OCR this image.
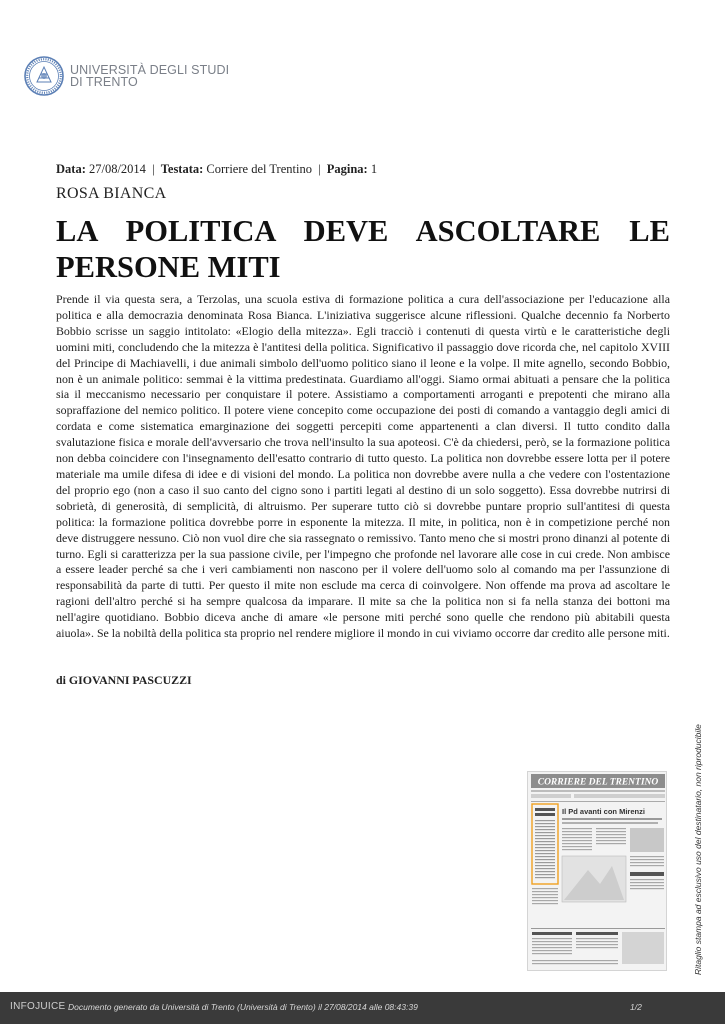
UNIVERSITÀ DEGLI STUDI
DI TRENTO
Data: 27/08/2014 | Testata: Corriere del Trentino | Pagina: 1
ROSA BIANCA
LA POLITICA DEVE ASCOLTARE LE PERSONE MITI

Prende il via questa sera, a Terzolas, una scuola estiva di formazione politica a cura dell'associazione per l'educazione alla politica e alla democrazia denominata Rosa Bianca. L'iniziativa suggerisce alcune riflessioni. Qualche decennio fa Norberto Bobbio scrisse un saggio intitolato: «Elogio della mitezza». Egli tracciò i contenuti di questa virtù e le caratteristiche degli uomini miti, concludendo che la mitezza è l'antitesi della politica. Significativo il passaggio dove ricorda che, nel capitolo XVIII del Principe di Machiavelli, i due animali simbolo dell'uomo politico siano il leone e la volpe. Il mite agnello, secondo Bobbio, non è un animale politico: semmai è la vittima predestinata. Guardiamo all'oggi. Siamo ormai abituati a pensare che la politica sia il meccanismo necessario per conquistare il potere. Assistiamo a comportamenti arroganti e prepotenti che mirano alla sopraffazione del nemico politico. Il potere viene concepito come occupazione dei posti di comando a vantaggio degli amici di cordata e come sistematica emarginazione dei soggetti percepiti come appartenenti a clan diversi. Il tutto condito dalla svalutazione fisica e morale dell'avversario che trova nell'insulto la sua apoteosi. C'è da chiedersi, però, se la formazione politica non debba coincidere con l'insegnamento dell'esatto contrario di tutto questo. La politica non dovrebbe essere lotta per il potere materiale ma umile difesa di idee e di visioni del mondo. La politica non dovrebbe avere nulla a che vedere con l'ostentazione del proprio ego (non a caso il suo canto del cigno sono i partiti legati al destino di un solo soggetto). Essa dovrebbe nutrirsi di sobrietà, di generosità, di semplicità, di altruismo. Per superare tutto ciò si dovrebbe puntare proprio sull'antitesi di questa politica: la formazione politica dovrebbe porre in esponente la mitezza. Il mite, in politica, non è in competizione perché non deve distruggere nessuno. Ciò non vuol dire che sia rassegnato o remissivo. Tanto meno che si mostri prono dinanzi al potente di turno. Egli si caratterizza per la sua passione civile, per l'impegno che profonde nel lavorare alle cose in cui crede. Non ambisce a essere leader perché sa che i veri cambiamenti non nascono per il volere dell'uomo solo al comando ma per l'assunzione di responsabilità da parte di tutti. Per questo il mite non esclude ma cerca di coinvolgere. Non offende ma prova ad ascoltare le ragioni dell'altro perché si ha sempre qualcosa da imparare. Il mite sa che la politica non si fa nella stanza dei bottoni ma nell'agire quotidiano. Bobbio diceva anche di amare «le persone miti perché sono quelle che rendono più abitabili questa aiuola». Se la nobiltà della politica sta proprio nel rendere migliore il mondo in cui viviamo occorre dar credito alle persone miti.

di GIOVANNI PASCUZZI
CORRIERE DEL TRENTINO
Il Pd avanti con Mirenzi	Ritaglio stampa ad esclusivo uso del destinatario, non riproducibile
INFOJUICE Documento generato da Università di Trento (Università di Trento) il 27/08/2014 alle 08:43:39	1/2
